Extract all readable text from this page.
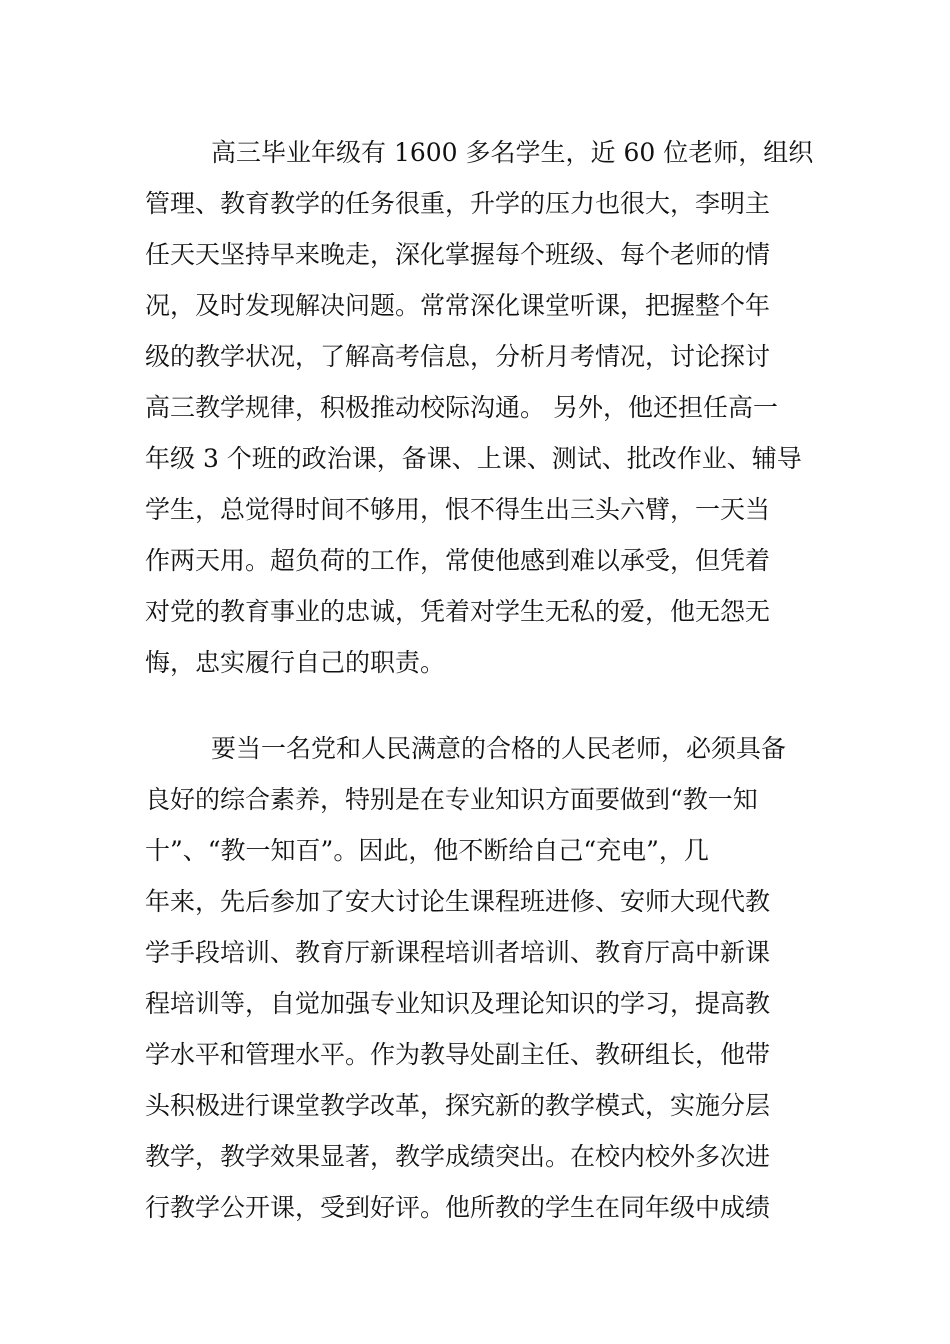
高三毕业年级有 1600 多名学生，近 60 位老师，组织
管理、教育教学的任务很重，升学的压力也很大，李明主
任天天坚持早来晚走，深化掌握每个班级、每个老师的情
况，及时发现解决问题。常常深化课堂听课，把握整个年
级的教学状况，了解高考信息，分析月考情况，讨论探讨
高三教学规律，积极推动校际沟通。 另外，他还担任高一
年级 3 个班的政治课，备课、上课、测试、批改作业、辅导
学生，总觉得时间不够用，恨不得生出三头六臂，一天当
作两天用。超负荷的工作，常使他感到难以承受，但凭着
对党的教育事业的忠诚，凭着对学生无私的爱，他无怨无
悔，忠实履行自己的职责。
要当一名党和人民满意的合格的人民老师，必须具备
良好的综合素养，特别是在专业知识方面要做到“教一知
十”、“教一知百”。因此，他不断给自己“充电”，几
年来，先后参加了安大讨论生课程班进修、安师大现代教
学手段培训、教育厅新课程培训者培训、教育厅高中新课
程培训等，自觉加强专业知识及理论知识的学习，提高教
学水平和管理水平。作为教导处副主任、教研组长，他带
头积极进行课堂教学改革，探究新的教学模式，实施分层
教学，教学效果显著，教学成绩突出。在校内校外多次进
行教学公开课，受到好评。他所教的学生在同年级中成绩
